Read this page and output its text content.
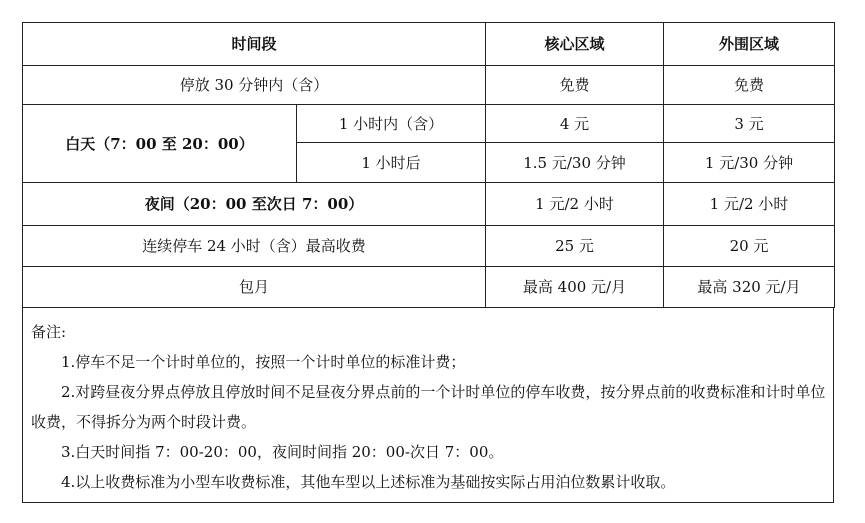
时间段		核心区域	外围区域
停放 30 分钟内（含）		免费	免费
白天（7：00 至 20：00）	1 小时内（含）	4 元	3 元
	1 小时后	1.5 元/30 分钟	1 元/30 分钟
夜间（20：00 至次日 7：00）		1 元/2 小时	1 元/2 小时
连续停车 24 小时（含）最高收费		25 元	20 元
包月		最高 400 元/月	最高 320 元/月

备注:

1.停车不足一个计时单位的，按照一个计时单位的标准计费；

2.对跨昼夜分界点停放且停放时间不足昼夜分界点前的一个计时单位的停车收费，按分界点前的收费标准和计时单位收费，不得拆分为两个时段计费。

3.白天时间指 7：00-20：00，夜间时间指 20：00-次日 7：00。

4.以上收费标准为小型车收费标准，其他车型以上述标准为基础按实际占用泊位数累计收取。
